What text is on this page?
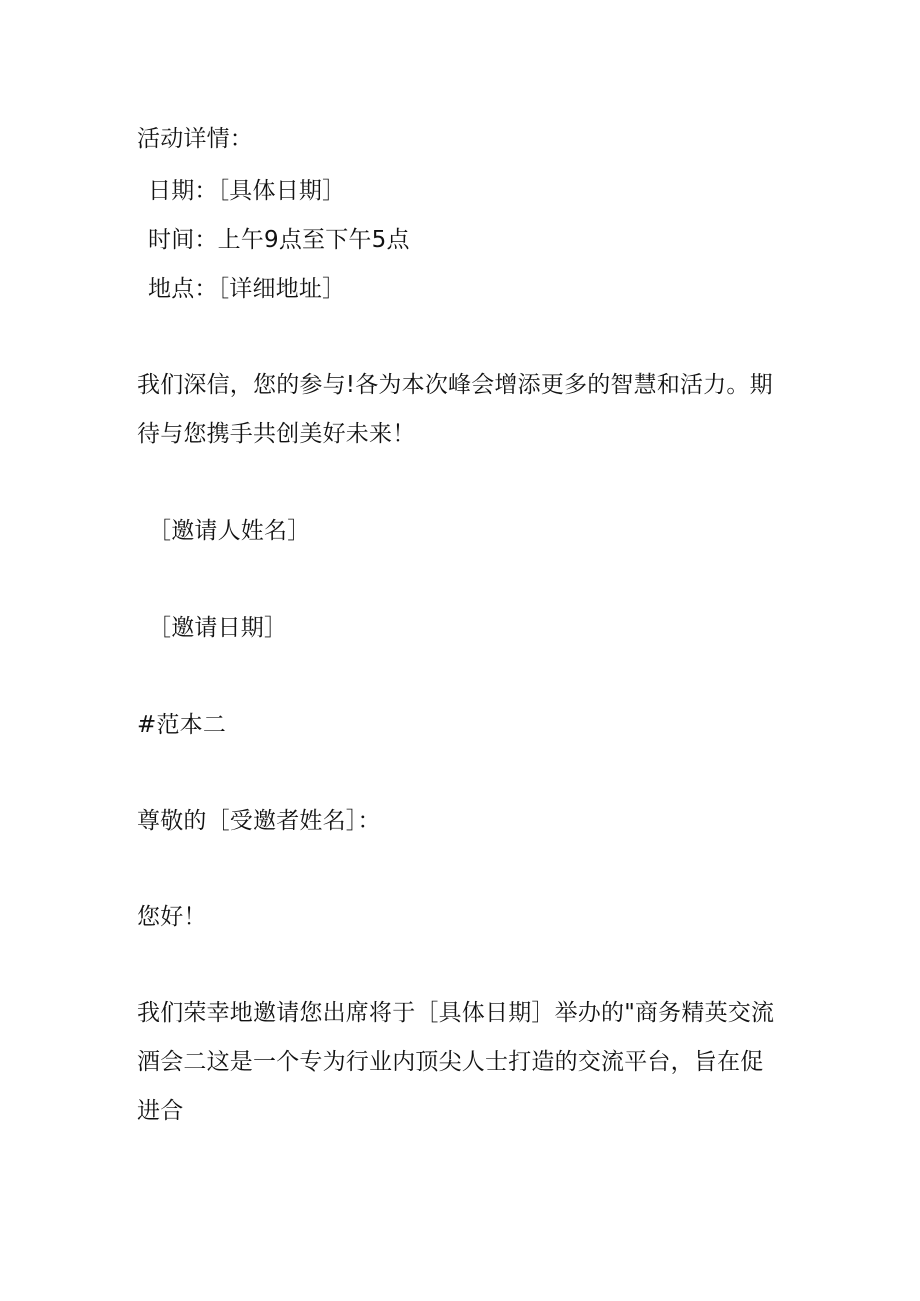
活动详情：
日期：［具体日期］
时间：上午9点至下午5点
地点：［详细地址］
我们深信，您的参与!各为本次峰会增添更多的智慧和活力。期
待与您携手共创美好未来！
［邀请人姓名］
［邀请日期］
#范本二
尊敬的［受邀者姓名］：
您好！
我们荣幸地邀请您出席将于［具体日期］举办的"商务精英交流
酒会二这是一个专为行业内顶尖人士打造的交流平台，旨在促
进合
